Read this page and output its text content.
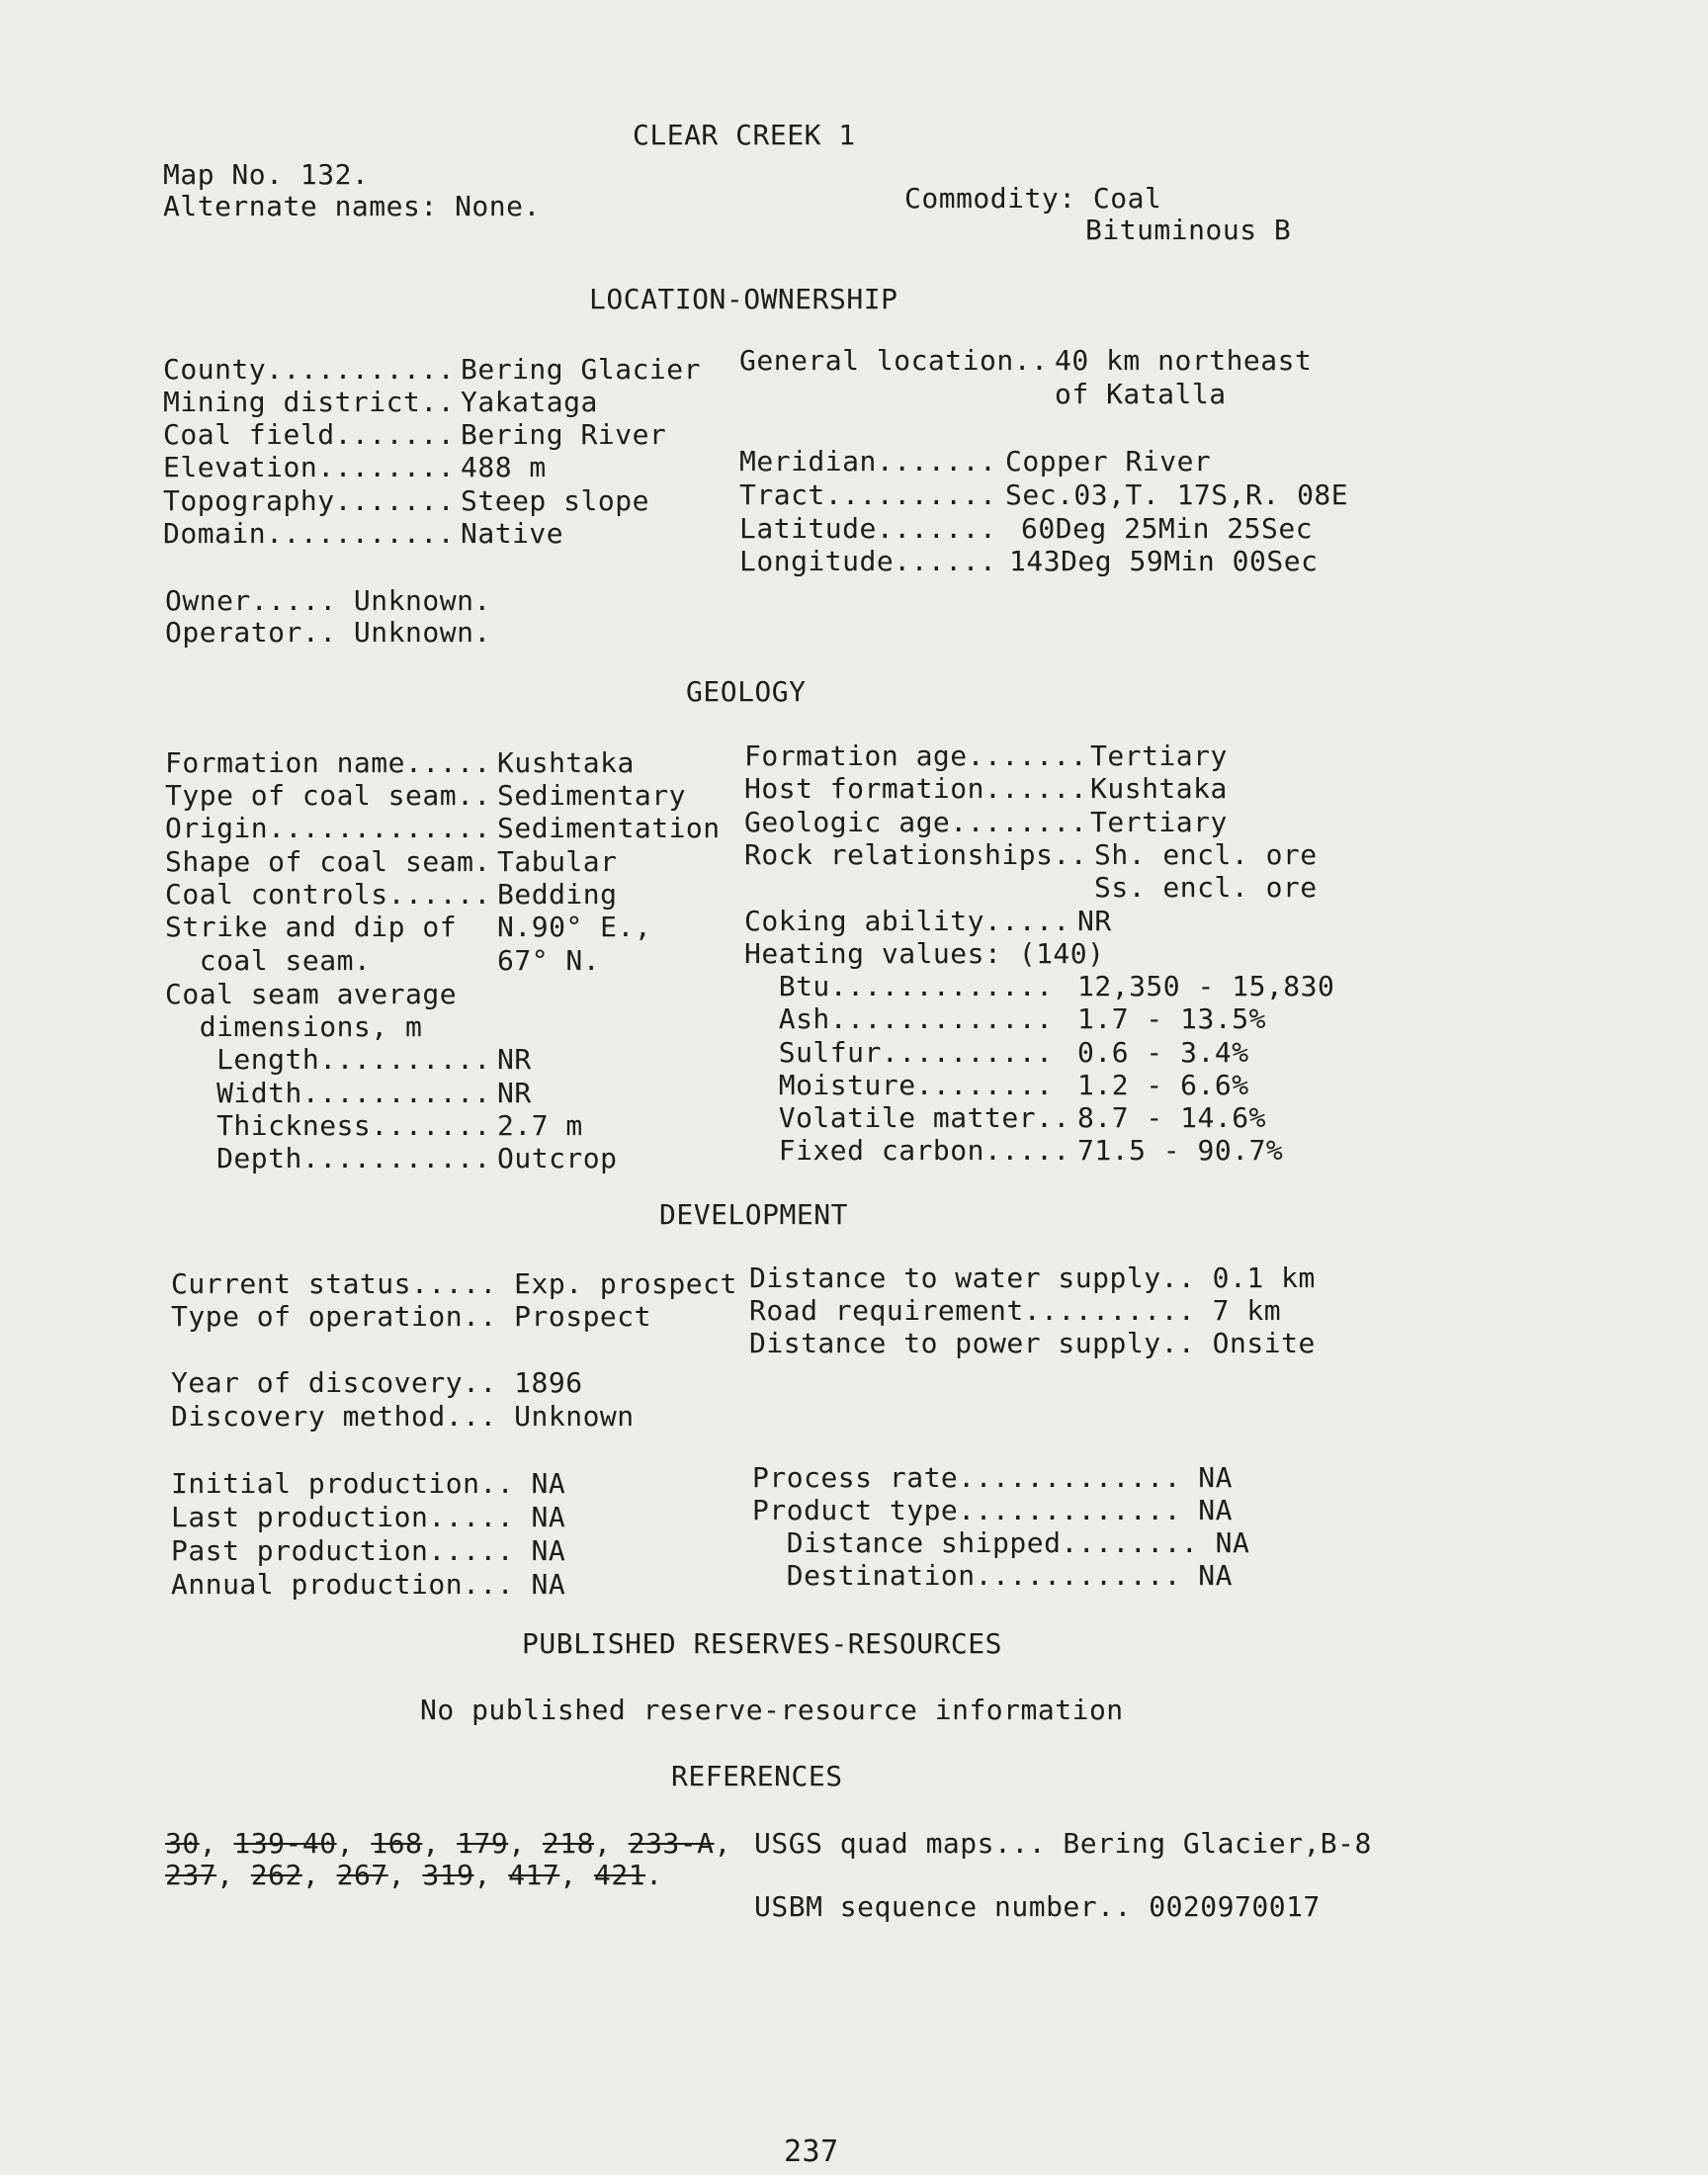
CLEAR CREEK 1
Map No. 132.
Alternate names: None.	Commodity: Coal
Bituminous B
LOCATION-OWNERSHIP
County........... Bering Glacier
Mining district.. Yakataga
Coal field....... Bering River
Elevation........ 488 m
Topography....... Steep slope
Domain........... Native
General location.. 40 km northeast
of Katalla
Meridian....... Copper River
Tract.......... Sec.03,T. 17S,R. 08E
Latitude....... 60Deg 25Min 25Sec
Longitude...... 143Deg 59Min 00Sec
Owner..... Unknown.
Operator.. Unknown.
GEOLOGY
Formation name..... Kushtaka
Type of coal seam.. Sedimentary
Origin............. Sedimentation
Shape of coal seam. Tabular
Coal controls...... Bedding
Strike and dip of N.90° E.,
coal seam.	67° N.
Coal seam average
dimensions, m
Length.......... NR
Width........... NR
Thickness....... 2.7 m
Depth........... Outcrop
Formation age....... Tertiary
Host formation...... Kushtaka
Geologic age........ Tertiary
Rock relationships.. Sh. encl. ore
Ss. encl. ore
Coking ability..... NR
Heating values: (140)
Btu............. 12,350 - 15,830
Ash............. 1.7 - 13.5%
Sulfur.......... 0.6 - 3.4%
Moisture........ 1.2 - 6.6%
Volatile matter.. 8.7 - 14.6%
Fixed carbon..... 71.5 - 90.7%
DEVELOPMENT
Current status..... Exp. prospect
Type of operation.. Prospect
Distance to water supply.. 0.1 km
Road requirement.......... 7 km
Distance to power supply.. Onsite
Year of discovery.. 1896
Discovery method... Unknown
Initial production.. NA
Last production..... NA
Past production..... NA
Annual production... NA
Process rate............. NA
Product type............. NA
Distance shipped........ NA
Destination............ NA
PUBLISHED RESERVES-RESOURCES
No published reserve-resource information
REFERENCES
30, 139-40, 168, 179, 218, 233-A,
237, 262, 267, 319, 417, 421.
USGS quad maps... Bering Glacier,B-8
USBM sequence number.. 0020970017
237
